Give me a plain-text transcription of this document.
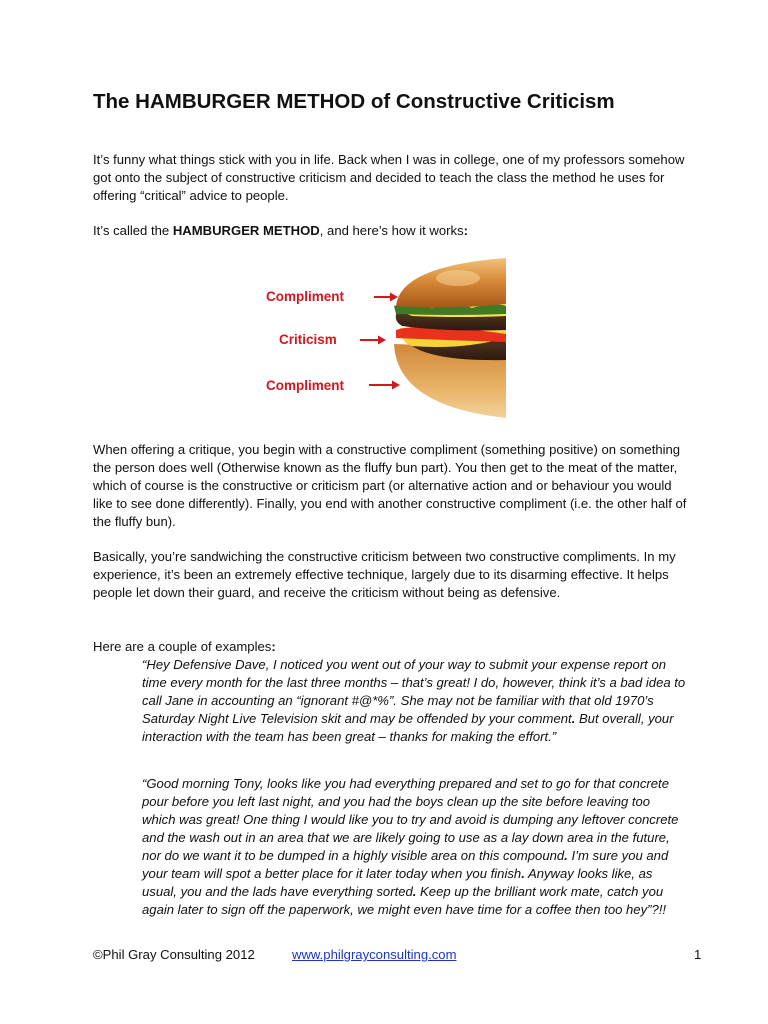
The HAMBURGER METHOD of Constructive Criticism
It’s funny what things stick with you in life. Back when I was in college, one of my professors somehow got onto the subject of constructive criticism and decided to teach the class the method he uses for offering “critical” advice to people.
It’s called the HAMBURGER METHOD, and here’s how it works:
Compliment
Criticism
Compliment
When offering a critique, you begin with a constructive compliment (something positive) on something the person does well (Otherwise known as the fluffy bun part). You then get to the meat of the matter, which of course is the constructive or criticism part (or alternative action and or behaviour you would like to see done differently). Finally, you end with another constructive compliment (i.e. the other half of the fluffy bun).
Basically, you’re sandwiching the constructive criticism between two constructive compliments. In my experience, it’s been an extremely effective technique, largely due to its disarming effective. It helps people let down their guard, and receive the criticism without being as defensive.
Here are a couple of examples:
“Hey Defensive Dave, I noticed you went out of your way to submit your expense report on time every month for the last three months – that’s great! I do, however, think it’s a bad idea to call Jane in accounting an “ignorant #@*%”. She may not be familiar with that old 1970’s Saturday Night Live Television skit and may be offended by your comment. But overall, your interaction with the team has been great – thanks for making the effort.”
“Good morning Tony, looks like you had everything prepared and set to go for that concrete pour before you left last night, and you had the boys clean up the site before leaving too which was great! One thing I would like you to try and avoid is dumping any leftover concrete and the wash out in an area that we are likely going to use as a lay down area in the future, nor do we want it to be dumped in a highly visible area on this compound. I’m sure you and your team will spot a better place for it later today when you finish. Anyway looks like, as usual, you and the lads have everything sorted. Keep up the brilliant work mate, catch you again later to sign off the paperwork, we might even have time for a coffee then too hey”?!!
©Phil Gray Consulting 2012	www.philgrayconsulting.com	1
